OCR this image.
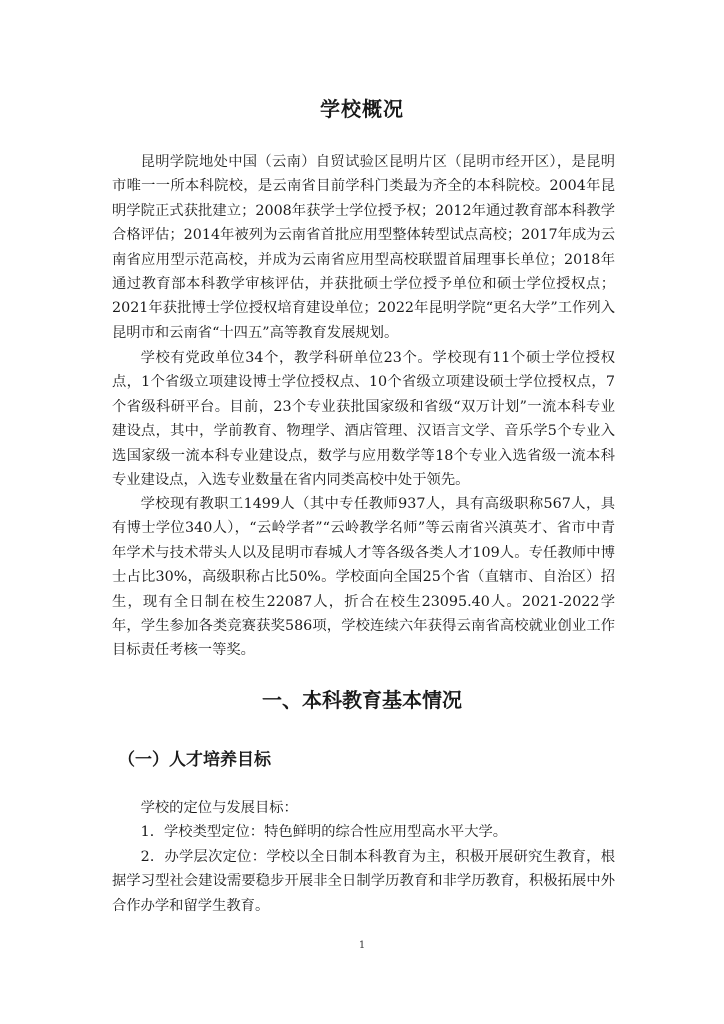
学校概况

昆明学院地处中国（云南）自贸试验区昆明片区（昆明市经开区），是昆明市唯一一所本科院校，是云南省目前学科门类最为齐全的本科院校。2004年昆明学院正式获批建立；2008年获学士学位授予权；2012年通过教育部本科教学合格评估；2014年被列为云南省首批应用型整体转型试点高校；2017年成为云南省应用型示范高校，并成为云南省应用型高校联盟首届理事长单位；2018年通过教育部本科教学审核评估，并获批硕士学位授予单位和硕士学位授权点；2021年获批博士学位授权培育建设单位；2022年昆明学院“更名大学”工作列入昆明市和云南省“十四五”高等教育发展规划。

学校有党政单位34个，教学科研单位23个。学校现有11个硕士学位授权点，1个省级立项建设博士学位授权点、10个省级立项建设硕士学位授权点，7个省级科研平台。目前，23个专业获批国家级和省级“双万计划”一流本科专业建设点，其中，学前教育、物理学、酒店管理、汉语言文学、音乐学5个专业入选国家级一流本科专业建设点，数学与应用数学等18个专业入选省级一流本科专业建设点，入选专业数量在省内同类高校中处于领先。

学校现有教职工1499人（其中专任教师937人，具有高级职称567人，具有博士学位340人），“云岭学者”“云岭教学名师”等云南省兴滇英才、省市中青年学术与技术带头人以及昆明市春城人才等各级各类人才109人。专任教师中博士占比30%，高级职称占比50%。学校面向全国25个省（直辖市、自治区）招生，现有全日制在校生22087人，折合在校生23095.40人。2021-2022学年，学生参加各类竞赛获奖586项，学校连续六年获得云南省高校就业创业工作目标责任考核一等奖。

一、本科教育基本情况
（一）人才培养目标

学校的定位与发展目标：

1．学校类型定位：特色鲜明的综合性应用型高水平大学。

2．办学层次定位：学校以全日制本科教育为主，积极开展研究生教育，根据学习型社会建设需要稳步开展非全日制学历教育和非学历教育，积极拓展中外合作办学和留学生教育。

1
